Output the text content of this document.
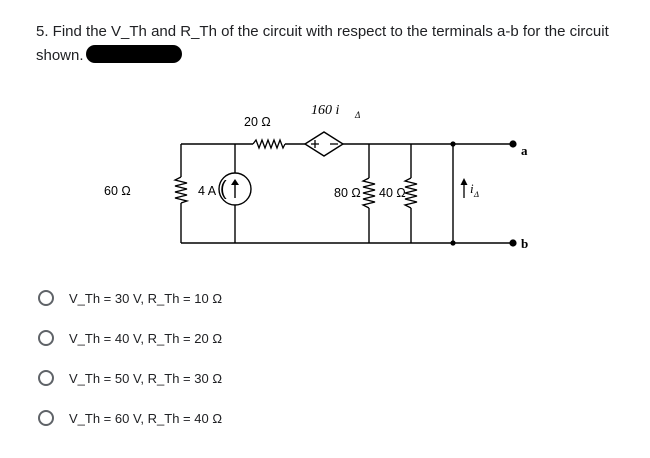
5. Find the V_Th and R_Th of the circuit with respect to the terminals a-b for the circuit shown.
60 Ω	4 A (
20 Ω
160 i Δ
80 Ω 40 Ω	i Δ
a
b
V_Th = 30 V, R_Th = 10 Ω
V_Th = 40 V, R_Th = 20 Ω
V_Th = 50 V, R_Th = 30 Ω
V_Th = 60 V, R_Th = 40 Ω
